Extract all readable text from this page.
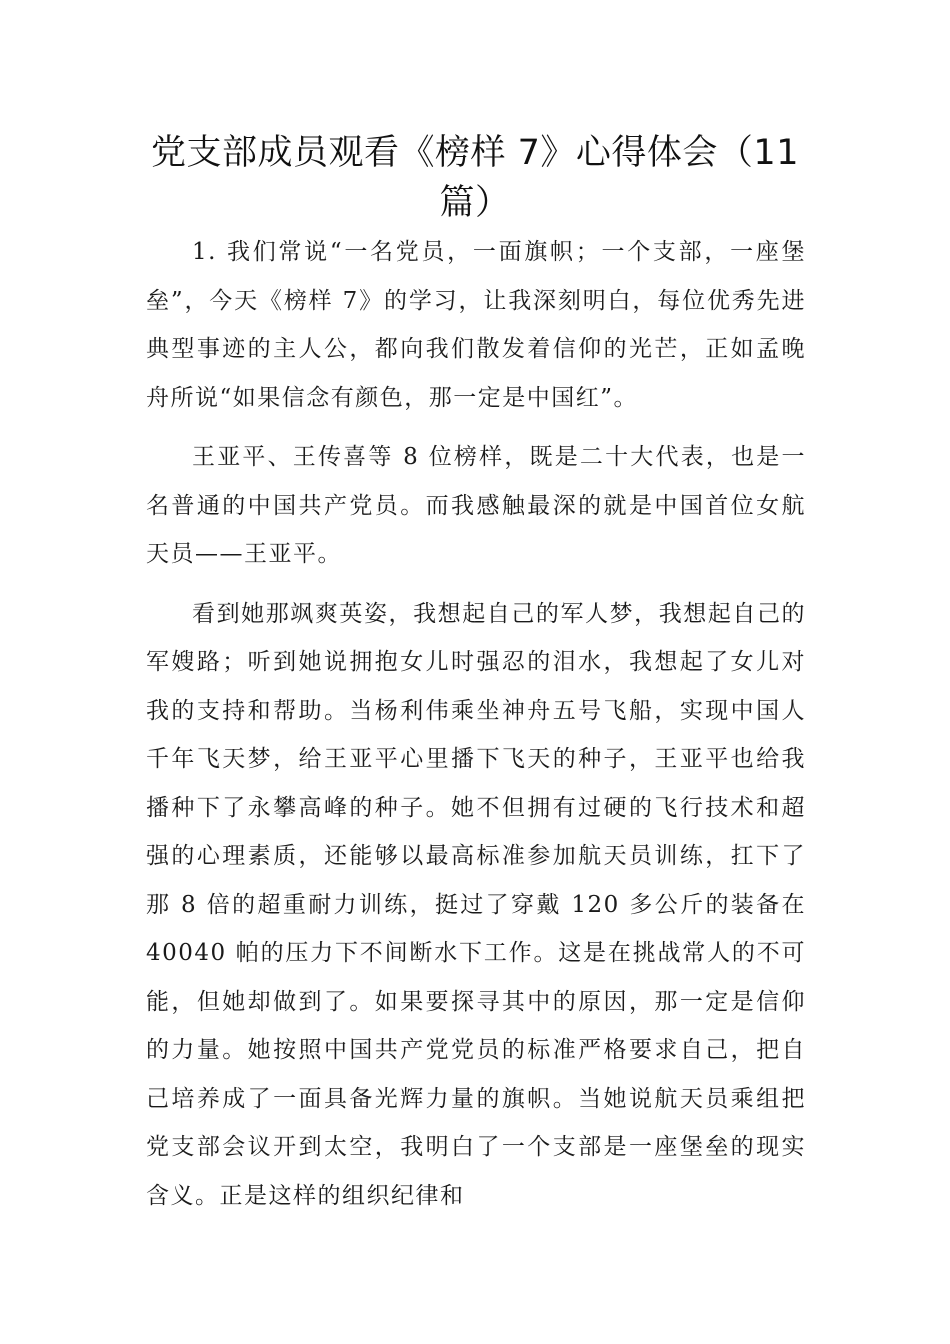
党支部成员观看《榜样 7》心得体会（11 篇）

1. 我们常说“一名党员，一面旗帜；一个支部，一座堡垒”，今天《榜样 7》的学习，让我深刻明白，每位优秀先进典型事迹的主人公，都向我们散发着信仰的光芒，正如孟晚舟所说“如果信念有颜色，那一定是中国红”。

王亚平、王传喜等 8 位榜样，既是二十大代表，也是一名普通的中国共产党员。而我感触最深的就是中国首位女航天员——王亚平。

看到她那飒爽英姿，我想起自己的军人梦，我想起自己的军嫂路；听到她说拥抱女儿时强忍的泪水，我想起了女儿对我的支持和帮助。当杨利伟乘坐神舟五号飞船，实现中国人千年飞天梦，给王亚平心里播下飞天的种子，王亚平也给我播种下了永攀高峰的种子。她不但拥有过硬的飞行技术和超强的心理素质，还能够以最高标准参加航天员训练，扛下了那 8 倍的超重耐力训练，挺过了穿戴 120 多公斤的装备在 40040 帕的压力下不间断水下工作。这是在挑战常人的不可能，但她却做到了。如果要探寻其中的原因，那一定是信仰的力量。她按照中国共产党党员的标准严格要求自己，把自己培养成了一面具备光辉力量的旗帜。当她说航天员乘组把党支部会议开到太空，我明白了一个支部是一座堡垒的现实含义。正是这样的组织纪律和
